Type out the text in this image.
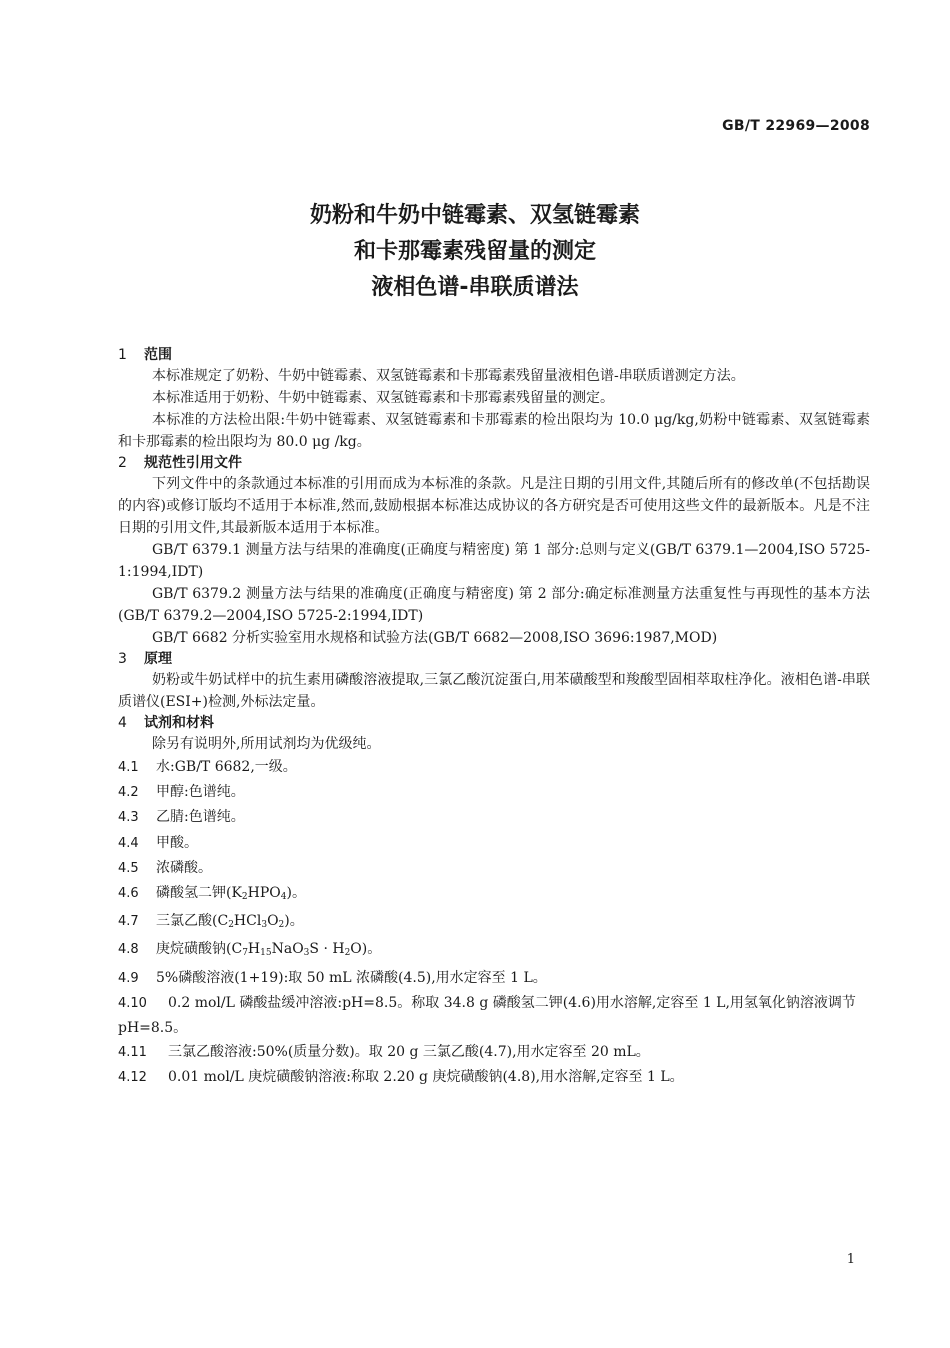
GB/T 22969—2008
奶粉和牛奶中链霉素、双氢链霉素
和卡那霉素残留量的测定
液相色谱-串联质谱法
1 范围

本标准规定了奶粉、牛奶中链霉素、双氢链霉素和卡那霉素残留量液相色谱-串联质谱测定方法。

本标准适用于奶粉、牛奶中链霉素、双氢链霉素和卡那霉素残留量的测定。

本标准的方法检出限:牛奶中链霉素、双氢链霉素和卡那霉素的检出限均为 10.0 μg/kg,奶粉中链霉素、双氢链霉素和卡那霉素的检出限均为 80.0 μg /kg。

2 规范性引用文件

下列文件中的条款通过本标准的引用而成为本标准的条款。凡是注日期的引用文件,其随后所有的修改单(不包括勘误的内容)或修订版均不适用于本标准,然而,鼓励根据本标准达成协议的各方研究是否可使用这些文件的最新版本。凡是不注日期的引用文件,其最新版本适用于本标准。

GB/T 6379.1 测量方法与结果的准确度(正确度与精密度) 第 1 部分:总则与定义(GB/T 6379.1—2004,ISO 5725-1:1994,IDT)

GB/T 6379.2 测量方法与结果的准确度(正确度与精密度) 第 2 部分:确定标准测量方法重复性与再现性的基本方法(GB/T 6379.2—2004,ISO 5725-2:1994,IDT)

GB/T 6682 分析实验室用水规格和试验方法(GB/T 6682—2008,ISO 3696:1987,MOD)

3 原理

奶粉或牛奶试样中的抗生素用磷酸溶液提取,三氯乙酸沉淀蛋白,用苯磺酸型和羧酸型固相萃取柱净化。液相色谱-串联质谱仪(ESI+)检测,外标法定量。

4 试剂和材料

除另有说明外,所用试剂均为优级纯。

4.1 水:GB/T 6682,一级。
4.2 甲醇:色谱纯。
4.3 乙腈:色谱纯。
4.4 甲酸。
4.5 浓磷酸。
4.6 磷酸氢二钾$(K_2HPO_4)$。
4.7 三氯乙酸$(C_2HCl_3O_2)$。
4.8 庚烷磺酸钠$(C_7H_{15}NaO_3S \cdot H_2O)$。
4.9 5%磷酸溶液(1+19):取 50 mL 浓磷酸(4.5),用水定容至 1 L。
4.10 0.2 mol/L 磷酸盐缓冲溶液:pH=8.5。称取 34.8 g 磷酸氢二钾(4.6)用水溶解,定容至 1 L,用氢氧化钠溶液调节 pH=8.5。
4.11 三氯乙酸溶液:50%(质量分数)。取 20 g 三氯乙酸(4.7),用水定容至 20 mL。
4.12 0.01 mol/L 庚烷磺酸钠溶液:称取 2.20 g 庚烷磺酸钠(4.8),用水溶解,定容至 1 L。
1
